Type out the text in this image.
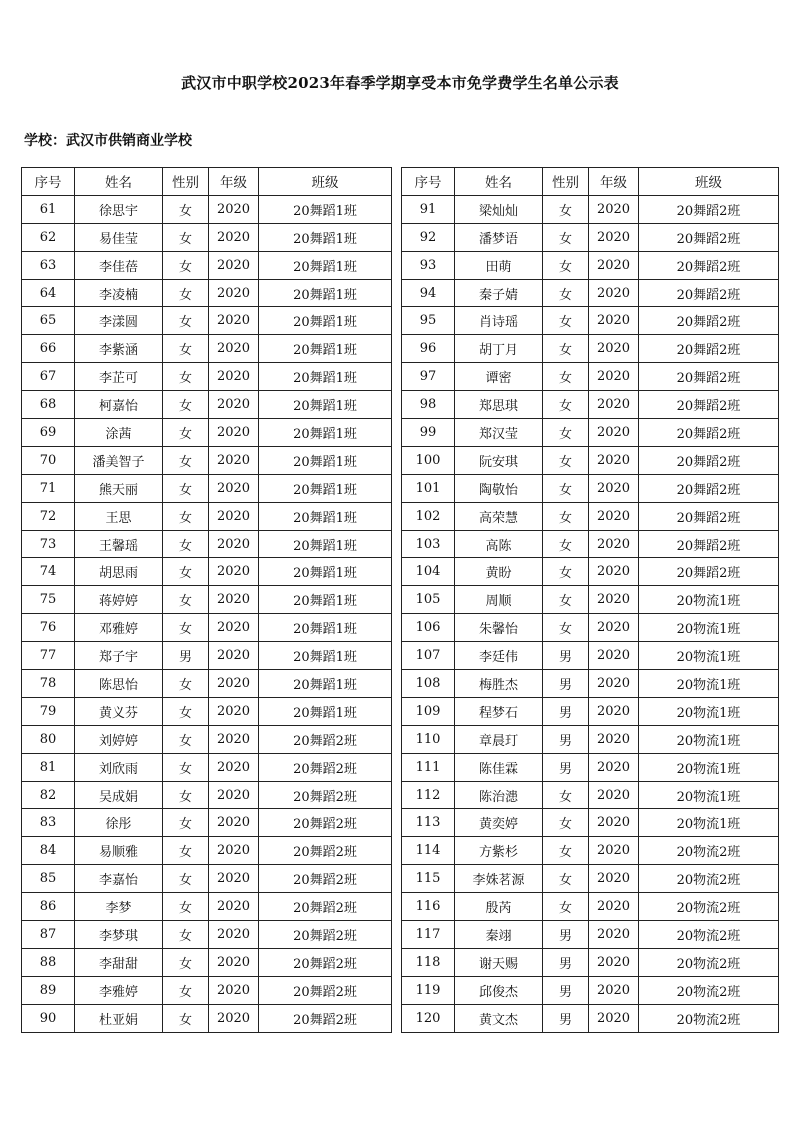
武汉市中职学校2023年春季学期享受本市免学费学生名单公示表
学校：武汉市供销商业学校
序号	姓名	性别	年级	班级
61	徐思宇	女	2020	20舞蹈1班
62	易佳莹	女	2020	20舞蹈1班
63	李佳蓓	女	2020	20舞蹈1班
64	李凌楠	女	2020	20舞蹈1班
65	李漾圆	女	2020	20舞蹈1班
66	李紫涵	女	2020	20舞蹈1班
67	李芷可	女	2020	20舞蹈1班
68	柯嘉怡	女	2020	20舞蹈1班
69	涂茜	女	2020	20舞蹈1班
70	潘美智子	女	2020	20舞蹈1班
71	熊天丽	女	2020	20舞蹈1班
72	王思	女	2020	20舞蹈1班
73	王馨瑶	女	2020	20舞蹈1班
74	胡思雨	女	2020	20舞蹈1班
75	蒋婷婷	女	2020	20舞蹈1班
76	邓雅婷	女	2020	20舞蹈1班
77	郑子宇	男	2020	20舞蹈1班
78	陈思怡	女	2020	20舞蹈1班
79	黄义芬	女	2020	20舞蹈1班
80	刘婷婷	女	2020	20舞蹈2班
81	刘欣雨	女	2020	20舞蹈2班
82	吴成娟	女	2020	20舞蹈2班
83	徐彤	女	2020	20舞蹈2班
84	易顺雅	女	2020	20舞蹈2班
85	李嘉怡	女	2020	20舞蹈2班
86	李梦	女	2020	20舞蹈2班
87	李梦琪	女	2020	20舞蹈2班
88	李甜甜	女	2020	20舞蹈2班
89	李雅婷	女	2020	20舞蹈2班
90	杜亚娟	女	2020	20舞蹈2班
序号	姓名	性别	年级	班级
91	梁灿灿	女	2020	20舞蹈2班
92	潘梦语	女	2020	20舞蹈2班
93	田萌	女	2020	20舞蹈2班
94	秦子婧	女	2020	20舞蹈2班
95	肖诗瑶	女	2020	20舞蹈2班
96	胡丁月	女	2020	20舞蹈2班
97	谭密	女	2020	20舞蹈2班
98	郑思琪	女	2020	20舞蹈2班
99	郑汉莹	女	2020	20舞蹈2班
100	阮安琪	女	2020	20舞蹈2班
101	陶敬怡	女	2020	20舞蹈2班
102	高荣慧	女	2020	20舞蹈2班
103	高陈	女	2020	20舞蹈2班
104	黄盼	女	2020	20舞蹈2班
105	周顺	女	2020	20物流1班
106	朱馨怡	女	2020	20物流1班
107	李廷伟	男	2020	20物流1班
108	梅胜杰	男	2020	20物流1班
109	程梦石	男	2020	20物流1班
110	章晨玎	男	2020	20物流1班
111	陈佳霖	男	2020	20物流1班
112	陈治漶	女	2020	20物流1班
113	黄奕婷	女	2020	20物流1班
114	方紫杉	女	2020	20物流2班
115	李姝茗源	女	2020	20物流2班
116	殷芮	女	2020	20物流2班
117	秦翊	男	2020	20物流2班
118	谢天赐	男	2020	20物流2班
119	邱俊杰	男	2020	20物流2班
120	黄文杰	男	2020	20物流2班
